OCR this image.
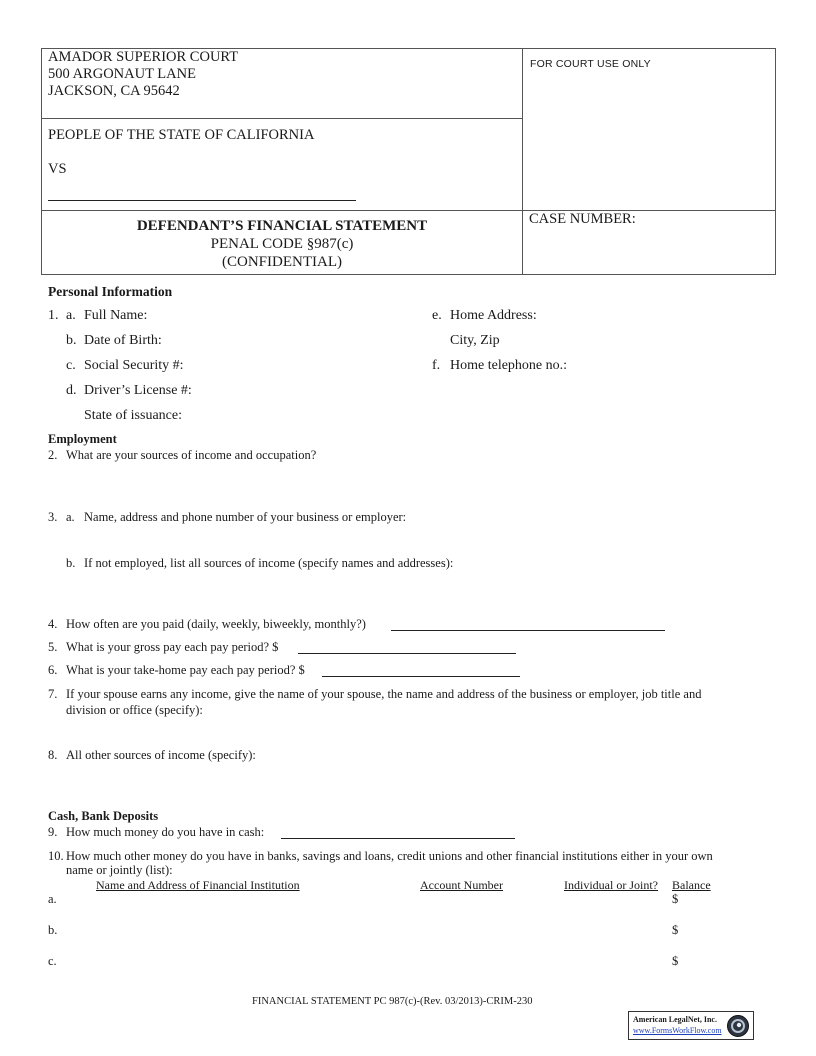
AMADOR SUPERIOR COURT
500 ARGONAUT LANE
JACKSON, CA 95642
FOR COURT USE ONLY
PEOPLE OF THE STATE OF CALIFORNIA
VS
CASE NUMBER:
DEFENDANT’S FINANCIAL STATEMENT
PENAL CODE §987(c)
(CONFIDENTIAL)
Personal Information
1. a. Full Name:
b. Date of Birth:
c. Social Security #:
d. Driver’s License #:
State of issuance:
e. Home Address:
City, Zip
f. Home telephone no.:
Employment
2. What are your sources of income and occupation?
3. a. Name, address and phone number of your business or employer:
b. If not employed, list all sources of income (specify names and addresses):
4. How often are you paid (daily, weekly, biweekly, monthly?)
5. What is your gross pay each pay period? $
6. What is your take-home pay each pay period? $
7. If your spouse earns any income, give the name of your spouse, the name and address of the business or employer, job title and
division or office (specify):
8. All other sources of income (specify):
Cash, Bank Deposits
9. How much money do you have in cash:
10. How much other money do you have in banks, savings and loans, credit unions and other financial institutions either in your own
name or jointly (list):
Name and Address of Financial Institution	Account Number	Individual or Joint? Balance
a.	$
b.	$
c.	$
FINANCIAL STATEMENT PC 987(c)-(Rev. 03/2013)-CRIM-230
American LegalNet, Inc.
www.FormsWorkFlow.com
